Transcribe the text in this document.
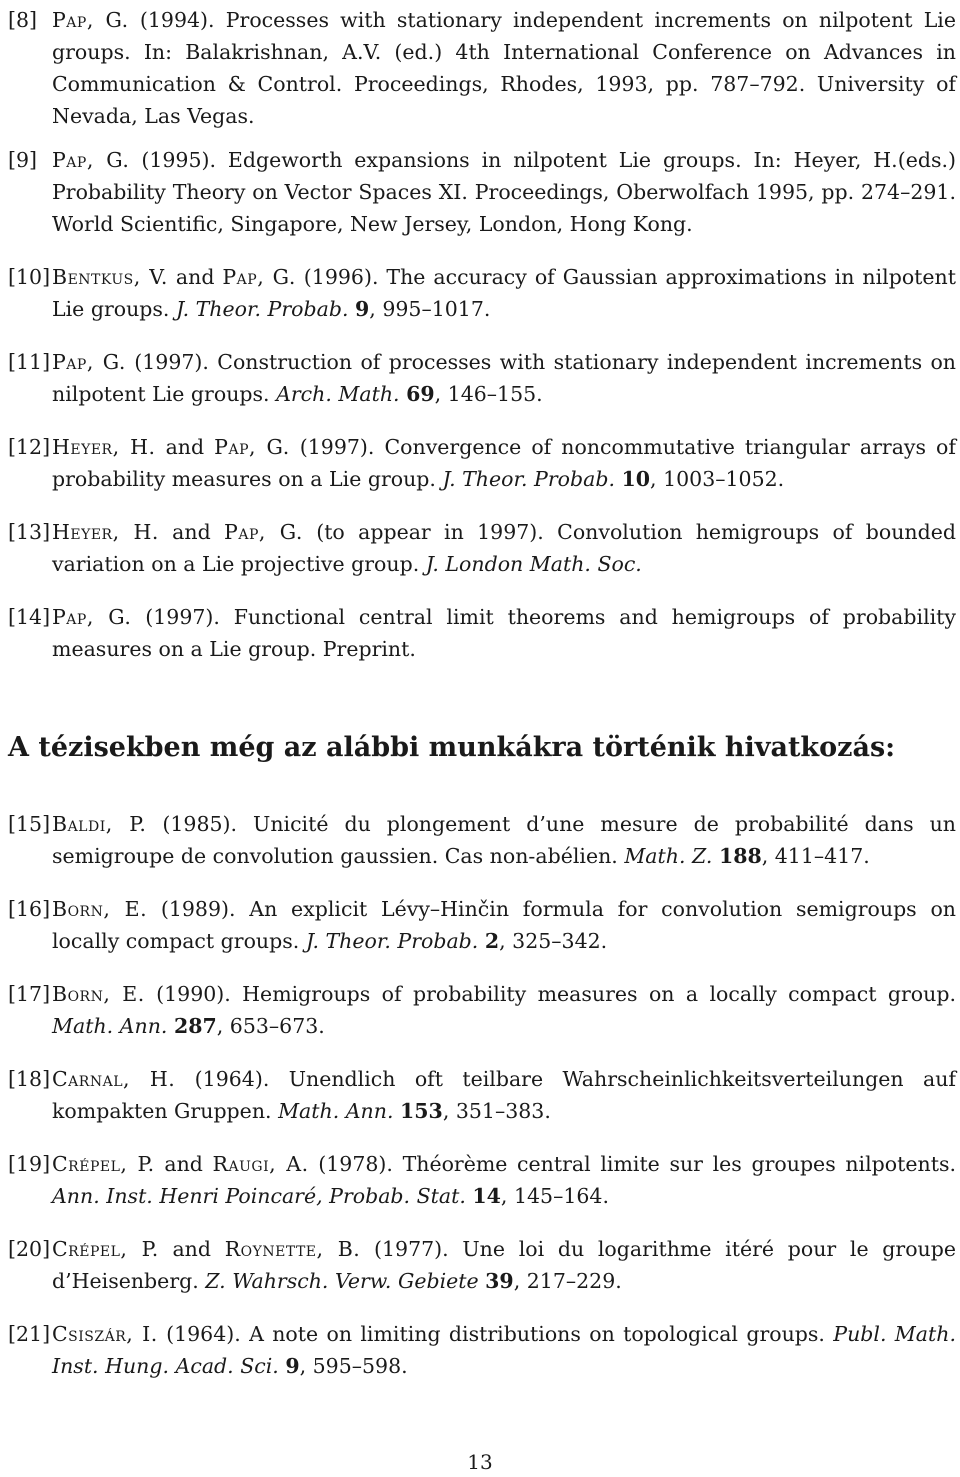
[8] Pap, G. (1994). Processes with stationary independent increments on nilpotent Lie groups. In: Balakrishnan, A.V. (ed.) 4th International Conference on Advances in Communication & Control. Proceedings, Rhodes, 1993, pp. 787–792. University of Nevada, Las Vegas.

[9] Pap, G. (1995). Edgeworth expansions in nilpotent Lie groups. In: Heyer, H.(eds.) Probability Theory on Vector Spaces XI. Proceedings, Oberwolfach 1995, pp. 274–291. World Scientific, Singapore, New Jersey, London, Hong Kong.

[10] Bentkus, V. and Pap, G. (1996). The accuracy of Gaussian approximations in nilpotent Lie groups. J. Theor. Probab. 9, 995–1017.

[11] Pap, G. (1997). Construction of processes with stationary independent increments on nilpotent Lie groups. Arch. Math. 69, 146–155.

[12] Heyer, H. and Pap, G. (1997). Convergence of noncommutative triangular arrays of probability measures on a Lie group. J. Theor. Probab. 10, 1003–1052.

[13] Heyer, H. and Pap, G. (to appear in 1997). Convolution hemigroups of bounded variation on a Lie projective group. J. London Math. Soc.

[14] Pap, G. (1997). Functional central limit theorems and hemigroups of probability measures on a Lie group. Preprint.

A tézisekben még az alábbi munkákra történik hivatkozás:

[15] Baldi, P. (1985). Unicité du plongement d’une mesure de probabilité dans un semigroupe de convolution gaussien. Cas non-abélien. Math. Z. 188, 411–417.

[16] Born, E. (1989). An explicit Lévy–Hinčin formula for convolution semigroups on locally compact groups. J. Theor. Probab. 2, 325–342.

[17] Born, E. (1990). Hemigroups of probability measures on a locally compact group. Math. Ann. 287, 653–673.

[18] Carnal, H. (1964). Unendlich oft teilbare Wahrscheinlichkeitsverteilungen auf kompakten Gruppen. Math. Ann. 153, 351–383.

[19] Crépel, P. and Raugi, A. (1978). Théorème central limite sur les groupes nilpotents. Ann. Inst. Henri Poincaré, Probab. Stat. 14, 145–164.

[20] Crépel, P. and Roynette, B. (1977). Une loi du logarithme itéré pour le groupe d’Heisenberg. Z. Wahrsch. Verw. Gebiete 39, 217–229.

[21] Csiszár, I. (1964). A note on limiting distributions on topological groups. Publ. Math. Inst. Hung. Acad. Sci. 9, 595–598.

13
